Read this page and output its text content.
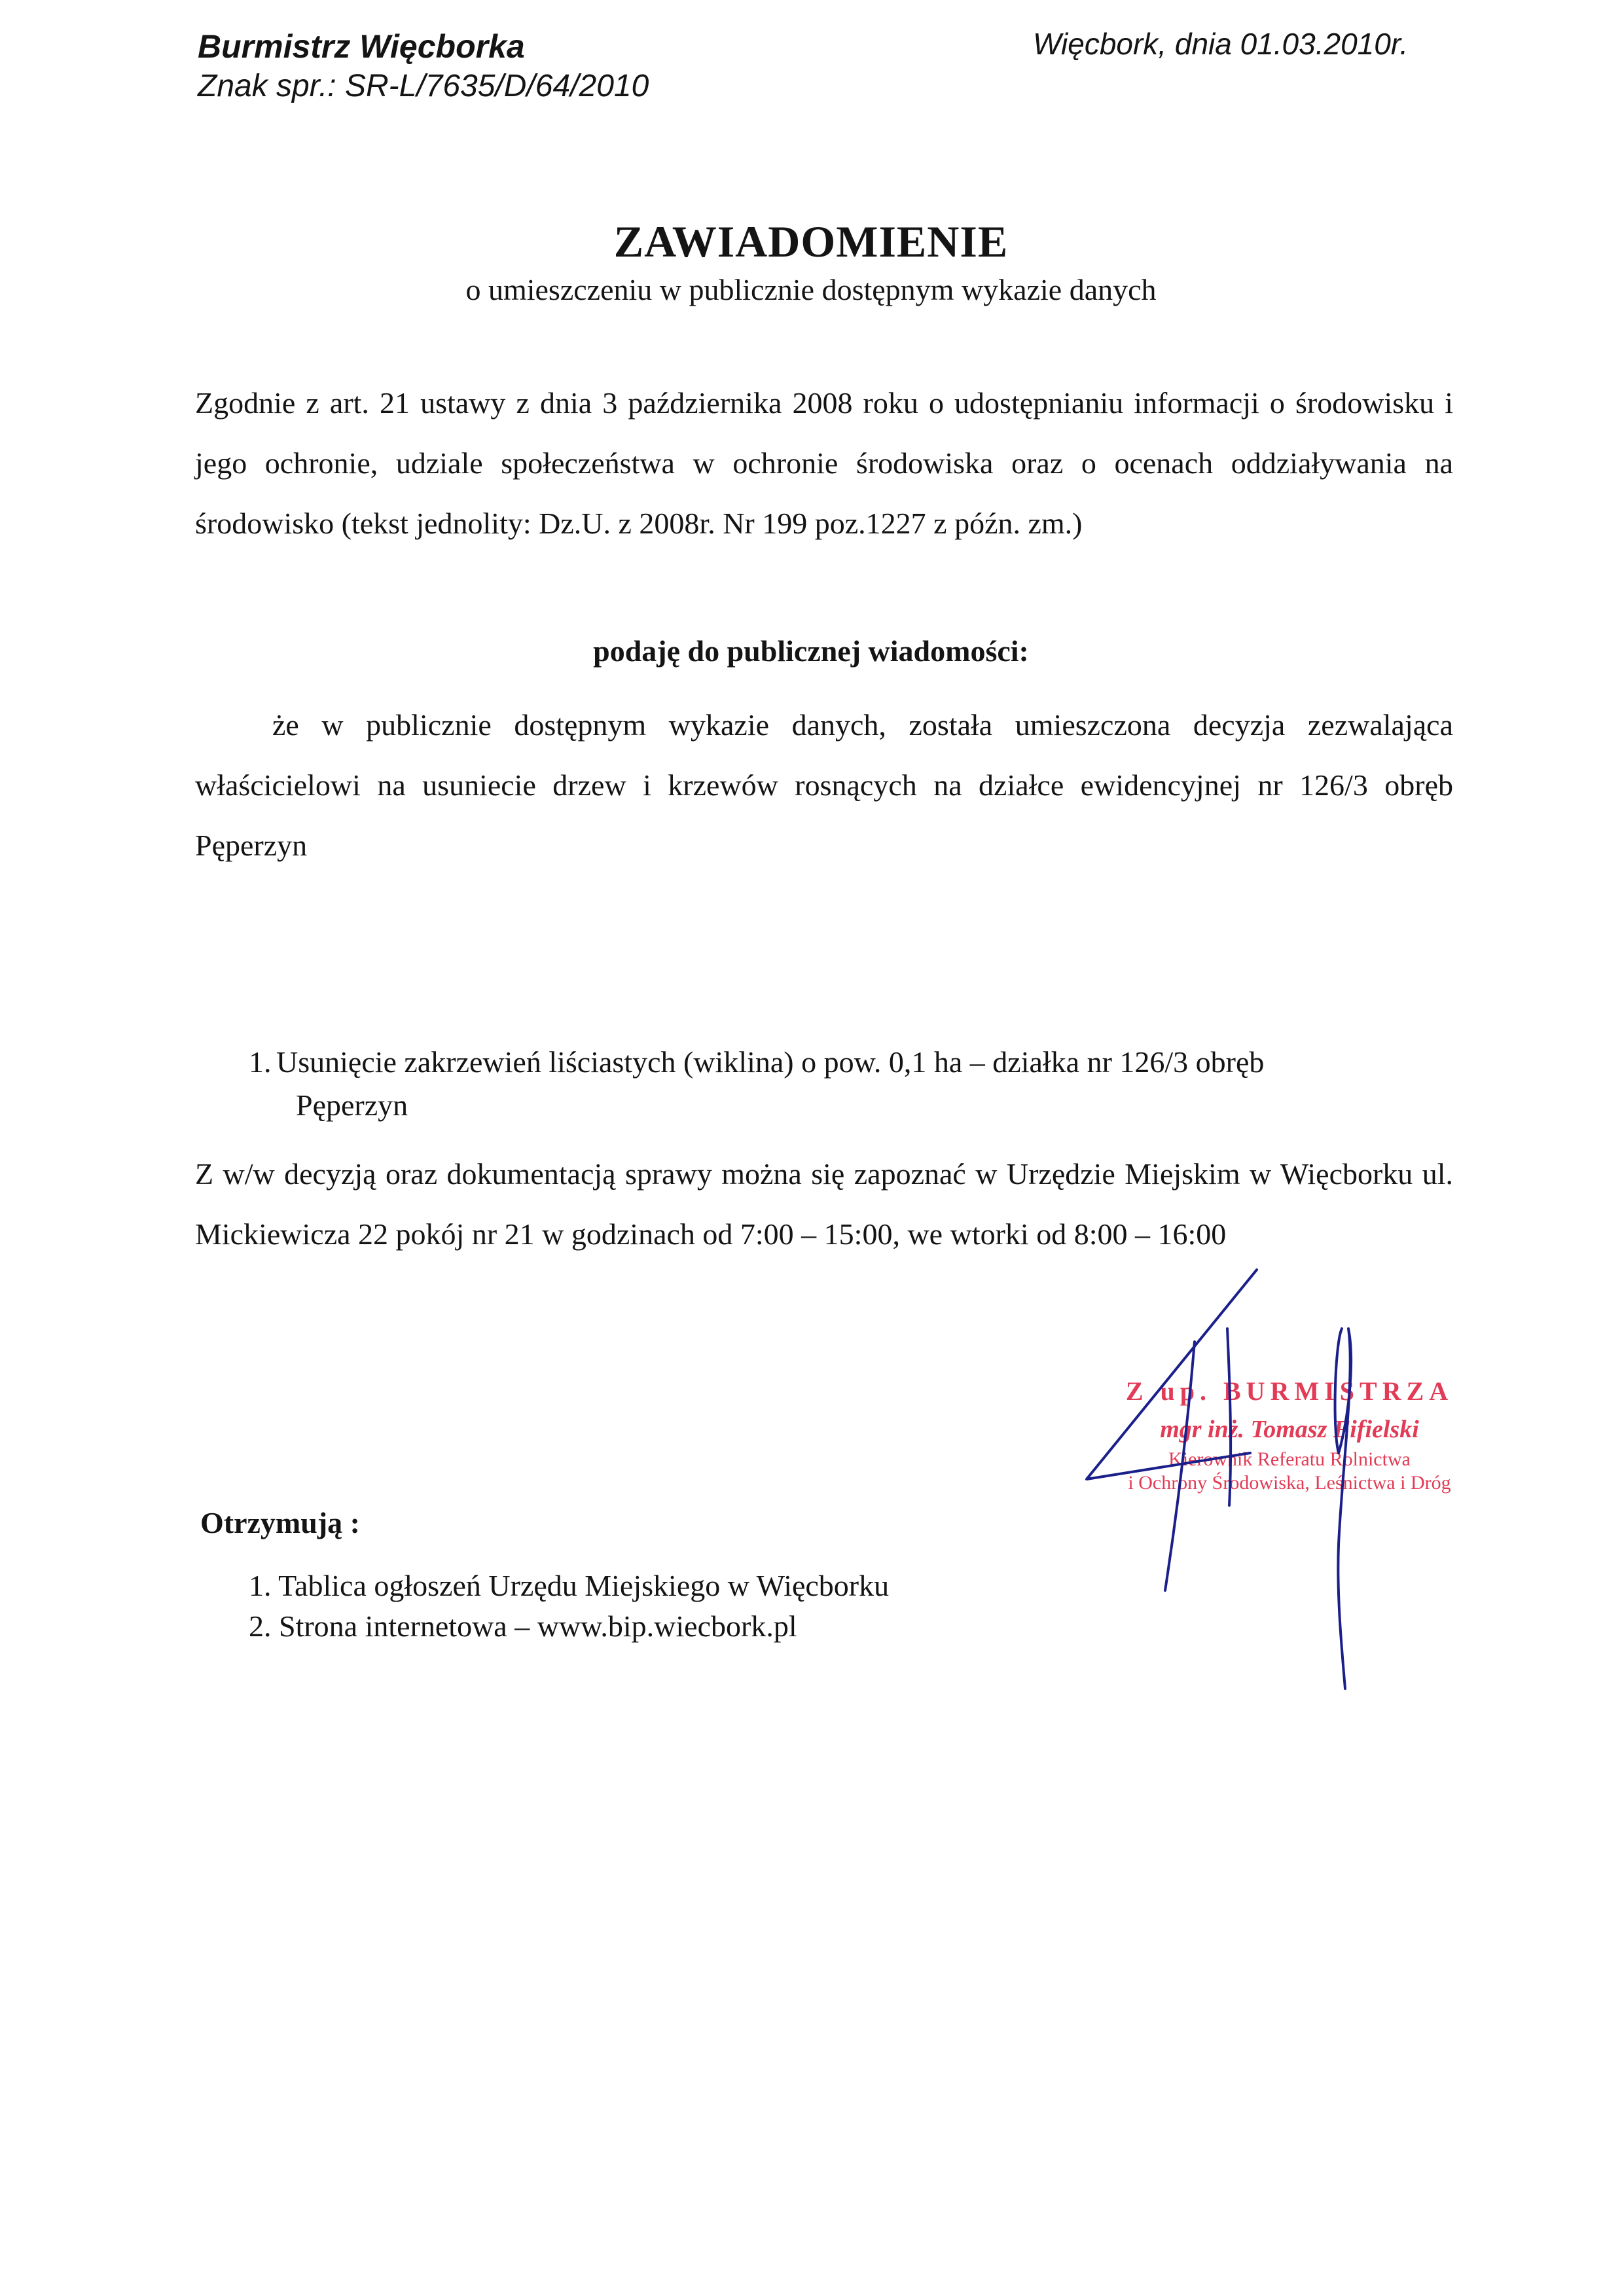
Burmistrz Więcborka
Znak spr.: SR-L/7635/D/64/2010
Więcbork, dnia 01.03.2010r.
ZAWIADOMIENIE
o umieszczeniu w publicznie dostępnym wykazie danych

Zgodnie z art. 21 ustawy z dnia 3 października 2008 roku o udostępnianiu informacji o środowisku i jego ochronie, udziale społeczeństwa w ochronie środowiska oraz o ocenach oddziaływania na środowisko (tekst jednolity: Dz.U. z 2008r. Nr 199 poz.1227 z późn. zm.)

podaję do publicznej wiadomości:

że w publicznie dostępnym wykazie danych, została umieszczona decyzja zezwalająca właścicielowi na usuniecie drzew i krzewów rosnących na działce ewidencyjnej nr 126/3 obręb Pęperzyn

1. Usunięcie zakrzewień liściastych (wiklina) o pow. 0,1 ha – działka nr 126/3 obręb
Pęperzyn

Z w/w decyzją oraz dokumentacją sprawy można się zapoznać w Urzędzie Miejskim w Więcborku ul. Mickiewicza 22 pokój nr 21 w godzinach od 7:00 – 15:00, we wtorki od 8:00 – 16:00

Otrzymują :
1. Tablica ogłoszeń Urzędu Miejskiego w Więcborku
2. Strona internetowa – www.bip.wiecbork.pl
Z up. BURMISTRZA
mgr inż. Tomasz Fifielski
Kierownik Referatu Rolnictwa
i Ochrony Środowiska, Leśnictwa i Dróg
